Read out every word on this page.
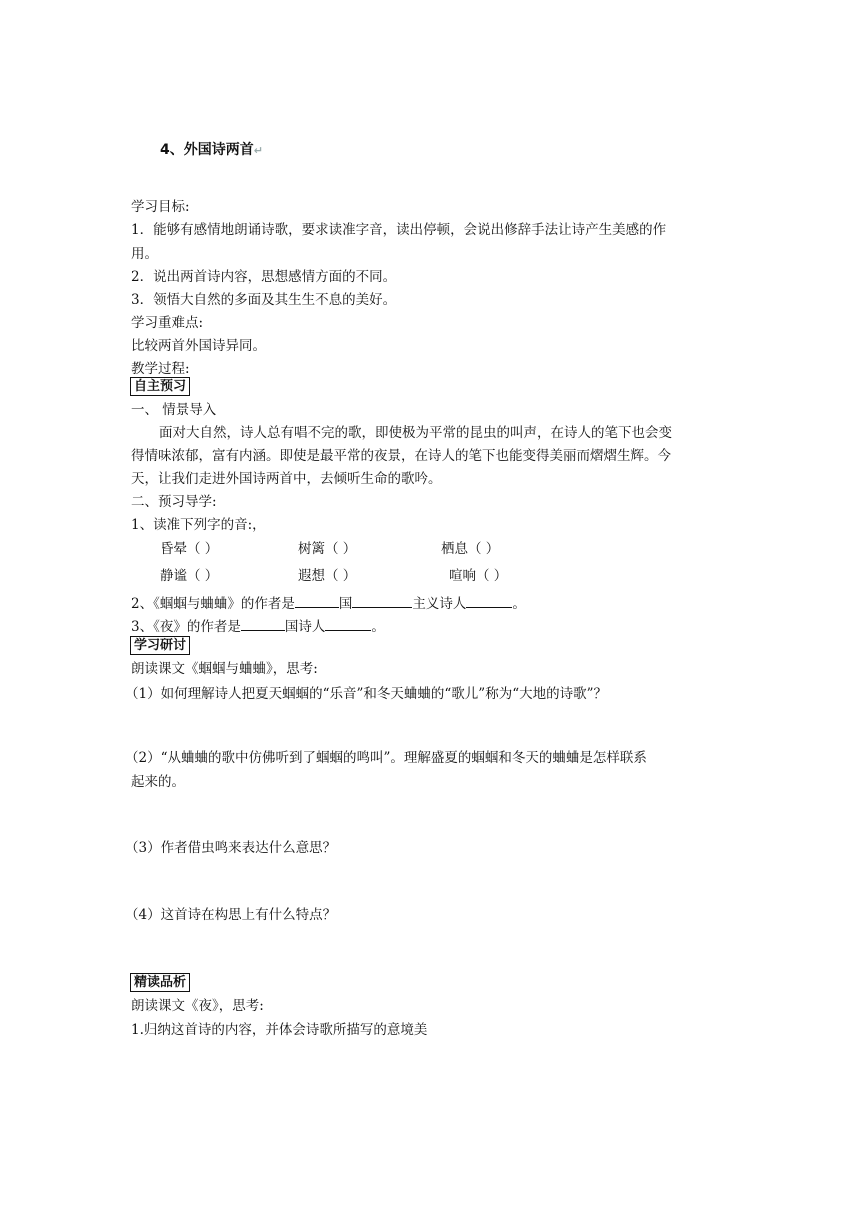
4、外国诗两首↵
学习目标:
1．能够有感情地朗诵诗歌，要求读准字音，读出停顿，会说出修辞手法让诗产生美感的作
用。
2．说出两首诗内容，思想感情方面的不同。
3．领悟大自然的多面及其生生不息的美好。
学习重难点:
比较两首外国诗异同。
教学过程:
自主预习
一、 情景导入
面对大自然，诗人总有唱不完的歌，即使极为平常的昆虫的叫声，在诗人的笔下也会变
得情味浓郁，富有内涵。即使是最平常的夜景，在诗人的笔下也能变得美丽而熠熠生辉。今
天，让我们走进外国诗两首中，去倾听生命的歌吟。
二、预习导学:
1、读准下列字的音:，
昏晕（ ）	树篱（ ）	栖息（ ）
静谧（ ）	遐想（ ）	喧响（ ）
2、《蝈蝈与蛐蛐》的作者是	国	主义诗人	。
3、《夜》的作者是	国诗人	。
学习研讨
朗读课文《蝈蝈与蛐蛐》，思考:
（1）如何理解诗人把夏天蝈蝈的“乐音”和冬天蛐蛐的“歌儿”称为“大地的诗歌”？
（2）“从蛐蛐的歌中仿佛听到了蝈蝈的鸣叫”。理解盛夏的蝈蝈和冬天的蛐蛐是怎样联系
起来的。
（3）作者借虫鸣来表达什么意思？
（4）这首诗在构思上有什么特点？
精读品析
朗读课文《夜》，思考:
1.归纳这首诗的内容，并体会诗歌所描写的意境美
